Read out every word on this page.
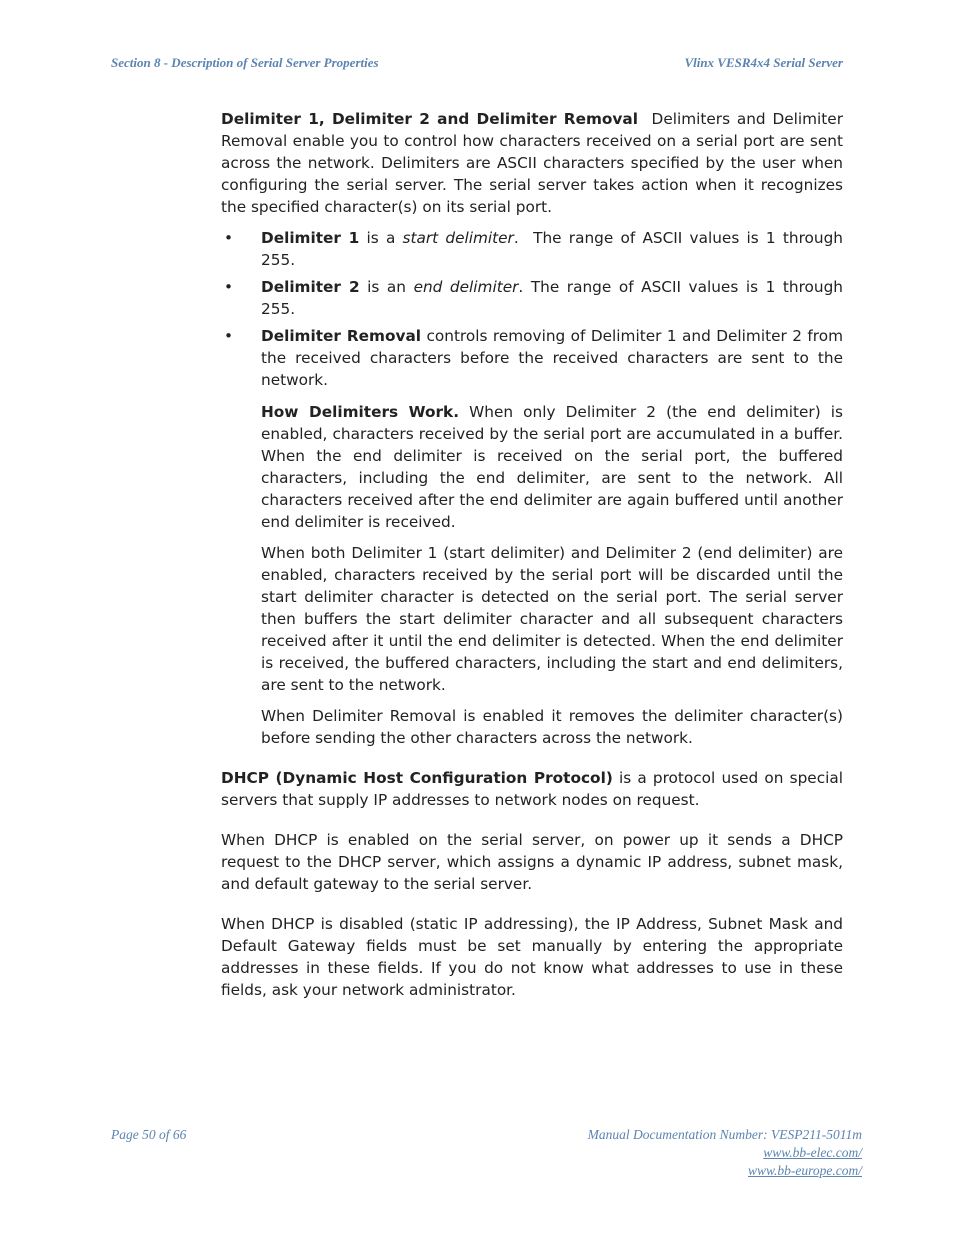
Section 8 - Description of Serial Server Properties	Vlinx VESR4x4 Serial Server

Delimiter 1, Delimiter 2 and Delimiter Removal  Delimiters and Delimiter Removal enable you to control how characters received on a serial port are sent across the network. Delimiters are ASCII characters specified by the user when configuring the serial server. The serial server takes action when it recognizes the specified character(s) on its serial port.

• Delimiter 1 is a start delimiter.  The range of ASCII values is 1 through 255.
• Delimiter 2 is an end delimiter. The range of ASCII values is 1 through 255.
• Delimiter Removal controls removing of Delimiter 1 and Delimiter 2 from the received characters before the received characters are sent to the network.

How Delimiters Work. When only Delimiter 2 (the end delimiter) is enabled, characters received by the serial port are accumulated in a buffer. When the end delimiter is received on the serial port, the buffered characters, including the end delimiter, are sent to the network. All characters received after the end delimiter are again buffered until another end delimiter is received.

When both Delimiter 1 (start delimiter) and Delimiter 2 (end delimiter) are enabled, characters received by the serial port will be discarded until the start delimiter character is detected on the serial port. The serial server then buffers the start delimiter character and all subsequent characters received after it until the end delimiter is detected. When the end delimiter is received, the buffered characters, including the start and end delimiters, are sent to the network.

When Delimiter Removal is enabled it removes the delimiter character(s) before sending the other characters across the network.

DHCP (Dynamic Host Configuration Protocol) is a protocol used on special servers that supply IP addresses to network nodes on request.

When DHCP is enabled on the serial server, on power up it sends a DHCP request to the DHCP server, which assigns a dynamic IP address, subnet mask, and default gateway to the serial server.

When DHCP is disabled (static IP addressing), the IP Address, Subnet Mask and Default Gateway fields must be set manually by entering the appropriate addresses in these fields. If you do not know what addresses to use in these fields, ask your network administrator.

Page 50 of 66	Manual Documentation Number: VESP211-5011m
www.bb-elec.com/
www.bb-europe.com/
